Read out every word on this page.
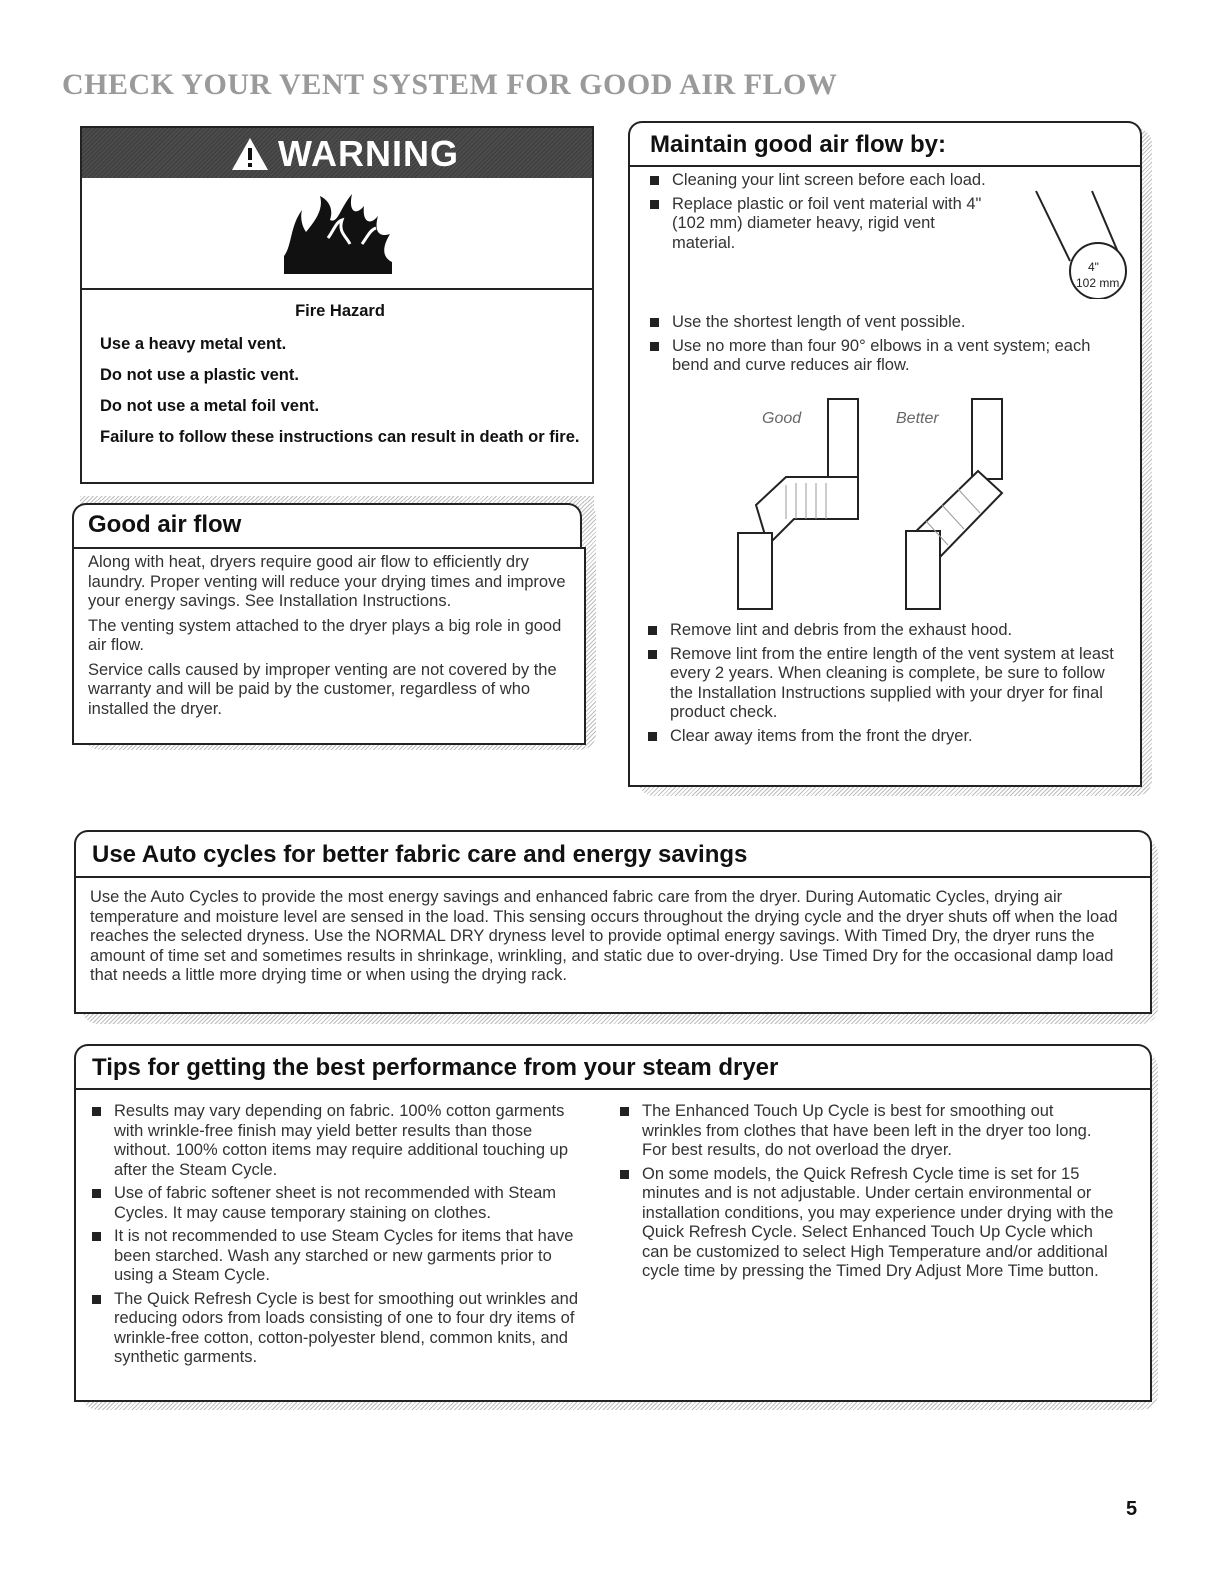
CHECK YOUR VENT SYSTEM FOR GOOD AIR FLOW
WARNING
Fire Hazard

Use a heavy metal vent.

Do not use a plastic vent.

Do not use a metal foil vent.

Failure to follow these instructions can result in death or fire.

Good air flow

Along with heat, dryers require good air flow to efficiently dry laundry. Proper venting will reduce your drying times and improve your energy savings. See Installation Instructions.

The venting system attached to the dryer plays a big role in good air flow.

Service calls caused by improper venting are not covered by the warranty and will be paid by the customer, regardless of who installed the dryer.

Maintain good air flow by:
Cleaning your lint screen before each load.
Replace plastic or foil vent material with 4" (102 mm) diameter heavy, rigid vent material.
4"
102 mm
Use the shortest length of vent possible.
Use no more than four 90° elbows in a vent system; each bend and curve reduces air flow.
Good	Better
Remove lint and debris from the exhaust hood.
Remove lint from the entire length of the vent system at least every 2 years. When cleaning is complete, be sure to follow the Installation Instructions supplied with your dryer for final product check.
Clear away items from the front the dryer.
Use Auto cycles for better fabric care and energy savings
Use the Auto Cycles to provide the most energy savings and enhanced fabric care from the dryer. During Automatic Cycles, drying air temperature and moisture level are sensed in the load. This sensing occurs throughout the drying cycle and the dryer shuts off when the load reaches the selected dryness. Use the NORMAL DRY dryness level to provide optimal energy savings. With Timed Dry, the dryer runs the amount of time set and sometimes results in shrinkage, wrinkling, and static due to over-drying. Use Timed Dry for the occasional damp load that needs a little more drying time or when using the drying rack.
Tips for getting the best performance from your steam dryer
Results may vary depending on fabric. 100% cotton garments with wrinkle-free finish may yield better results than those without. 100% cotton items may require additional touching up after the Steam Cycle.
Use of fabric softener sheet is not recommended with Steam Cycles. It may cause temporary staining on clothes.
It is not recommended to use Steam Cycles for items that have been starched. Wash any starched or new garments prior to using a Steam Cycle.
The Quick Refresh Cycle is best for smoothing out wrinkles and reducing odors from loads consisting of one to four dry items of wrinkle-free cotton, cotton-polyester blend, common knits, and synthetic garments.
The Enhanced Touch Up Cycle is best for smoothing out wrinkles from clothes that have been left in the dryer too long. For best results, do not overload the dryer.
On some models, the Quick Refresh Cycle time is set for 15 minutes and is not adjustable. Under certain environmental or installation conditions, you may experience under drying with the Quick Refresh Cycle. Select Enhanced Touch Up Cycle which can be customized to select High Temperature and/or additional cycle time by pressing the Timed Dry Adjust More Time button.
5
